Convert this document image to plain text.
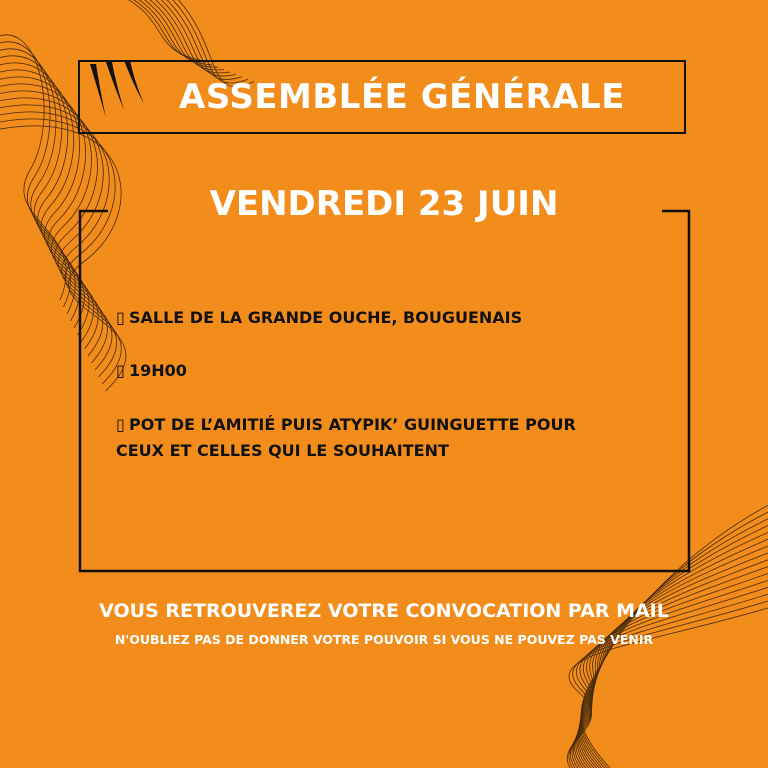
ASSEMBLÉE GÉNÉRALE
VENDREDI 23 JUIN
▯ SALLE DE LA GRANDE OUCHE, BOUGUENAIS
▯ 19H00
▯ POT DE L’AMITIÉ PUIS ATYPIK’ GUINGUETTE POUR
CEUX ET CELLES QUI LE SOUHAITENT
VOUS RETROUVEREZ VOTRE CONVOCATION PAR MAIL
N'OUBLIEZ PAS DE DONNER VOTRE POUVOIR SI VOUS NE POUVEZ PAS VENIR
